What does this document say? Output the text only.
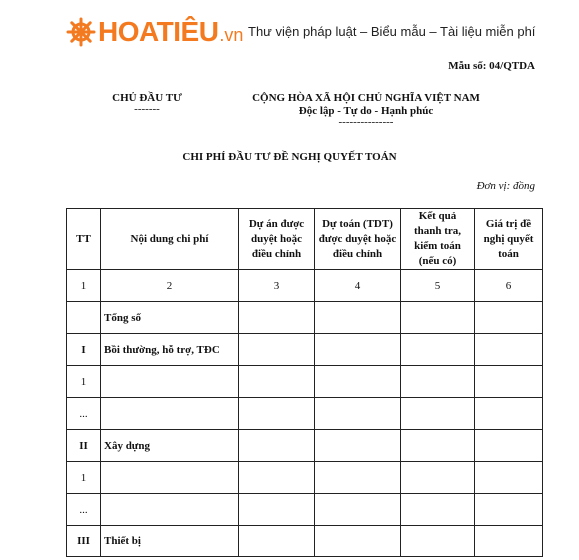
HOATIÊU .vn Thư viện pháp luật – Biểu mẫu – Tài liệu miễn phí
Mẫu số: 04/QTDA
CHỦ ĐẦU TƯ
-------
CỘNG HÒA XÃ HỘI CHỦ NGHĨA VIỆT NAM
Độc lập - Tự do - Hạnh phúc
---------------
CHI PHÍ ĐẦU TƯ ĐỀ NGHỊ QUYẾT TOÁN
Đơn vị: đồng
TT	Nội dung chi phí	Dự án được duyệt hoặc điều chỉnh	Dự toán (TDT) được duyệt hoặc điều chỉnh	Kết quả thanh tra, kiểm toán (nếu có)	Giá trị đề nghị quyết toán
1	2	3	4	5	6
	Tổng số				
I	Bồi thường, hỗ trợ, TĐC				
1					
...					
II	Xây dựng				
1					
...					
III	Thiết bị				
